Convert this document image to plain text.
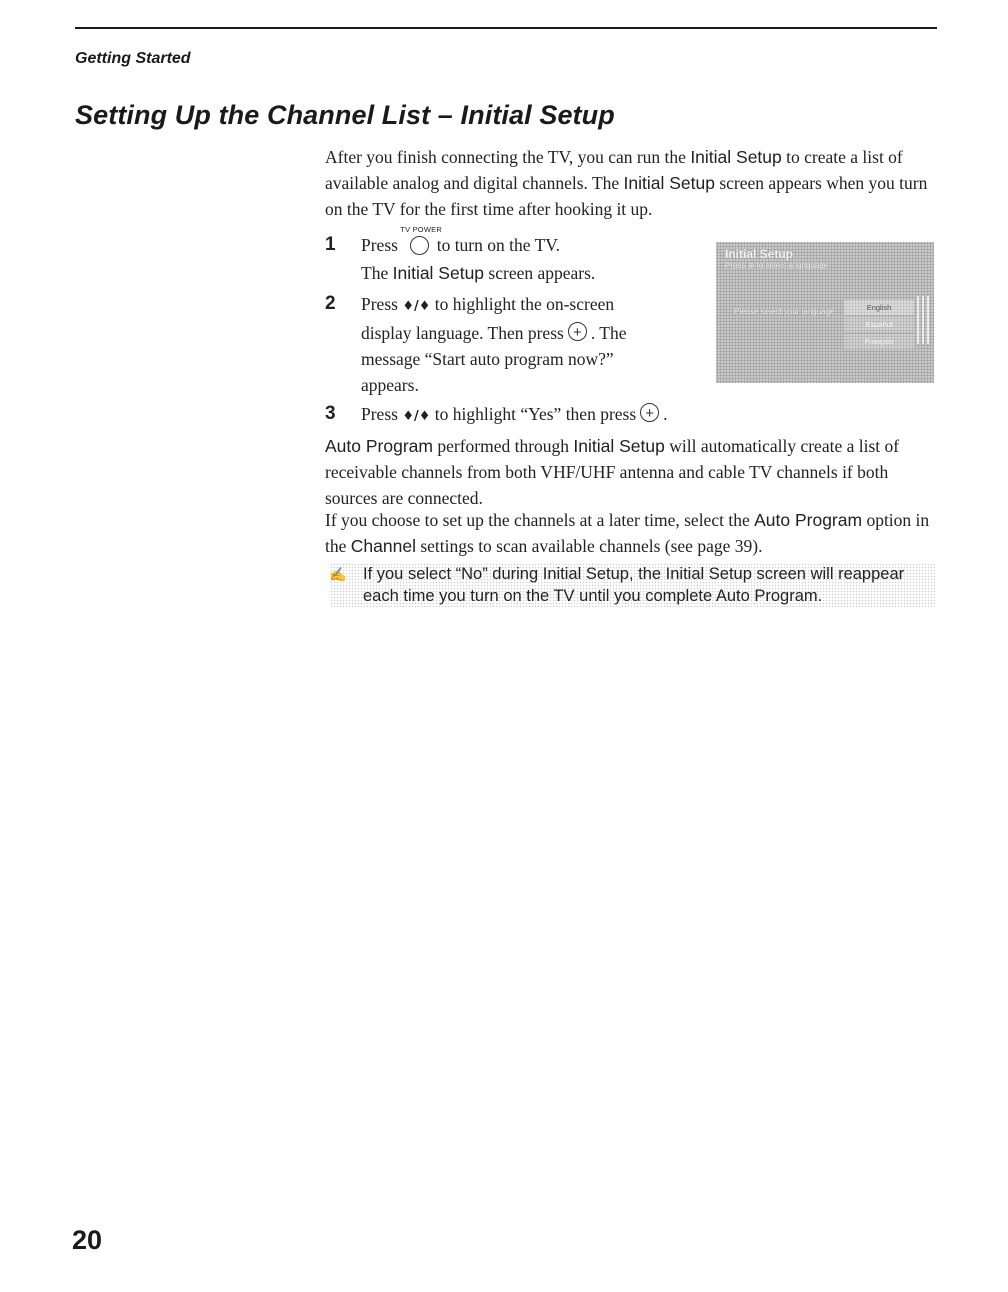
Getting Started
Setting Up the Channel List – Initial Setup
After you finish connecting the TV, you can run the Initial Setup to create a list of available analog and digital channels. The Initial Setup screen appears when you turn on the TV for the first time after hooking it up.
1 Press
TV POWER
to turn on the TV.
The Initial Setup screen appears.
2 Press ♦/♦ to highlight the on-screen
display language. Then press + . The
message “Start auto program now?”
appears.
3 Press ♦/♦ to highlight “Yes” then press + .
Initial Setup
Press ⊕ to select a language
Please select your language	English
Español
Français
Auto Program performed through Initial Setup will automatically create a list of receivable channels from both VHF/UHF antenna and cable TV channels if both sources are connected.
If you choose to set up the channels at a later time, select the Auto Program option in the Channel settings to scan available channels (see page 39).
✍ If you select “No” during Initial Setup, the Initial Setup screen will reappear each time you turn on the TV until you complete Auto Program.
20
